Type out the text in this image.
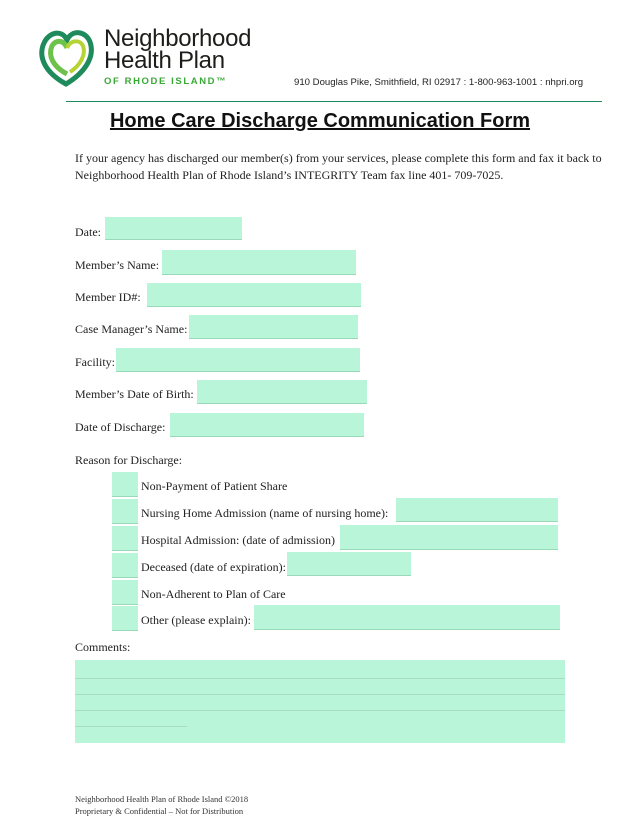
Neighborhood
Health Plan
OF RHODE ISLAND™	910 Douglas Pike, Smithfield, RI 02917 : 1-800-963-1001 : nhpri.org
Home Care Discharge Communication Form
If your agency has discharged our member(s) from your services, please complete this form and fax it back to Neighborhood Health Plan of Rhode Island’s INTEGRITY Team fax line 401- 709-7025.
Date:
Member’s Name:
Member ID#:
Case Manager’s Name:
Facility:
Member’s Date of Birth:
Date of Discharge:
Reason for Discharge:
Non-Payment of Patient Share
Nursing Home Admission (name of nursing home):
Hospital Admission: (date of admission)
Deceased (date of expiration):
Non-Adherent to Plan of Care
Other (please explain):
Comments:
Neighborhood Health Plan of Rhode Island ©2018
Proprietary & Confidential – Not for Distribution
